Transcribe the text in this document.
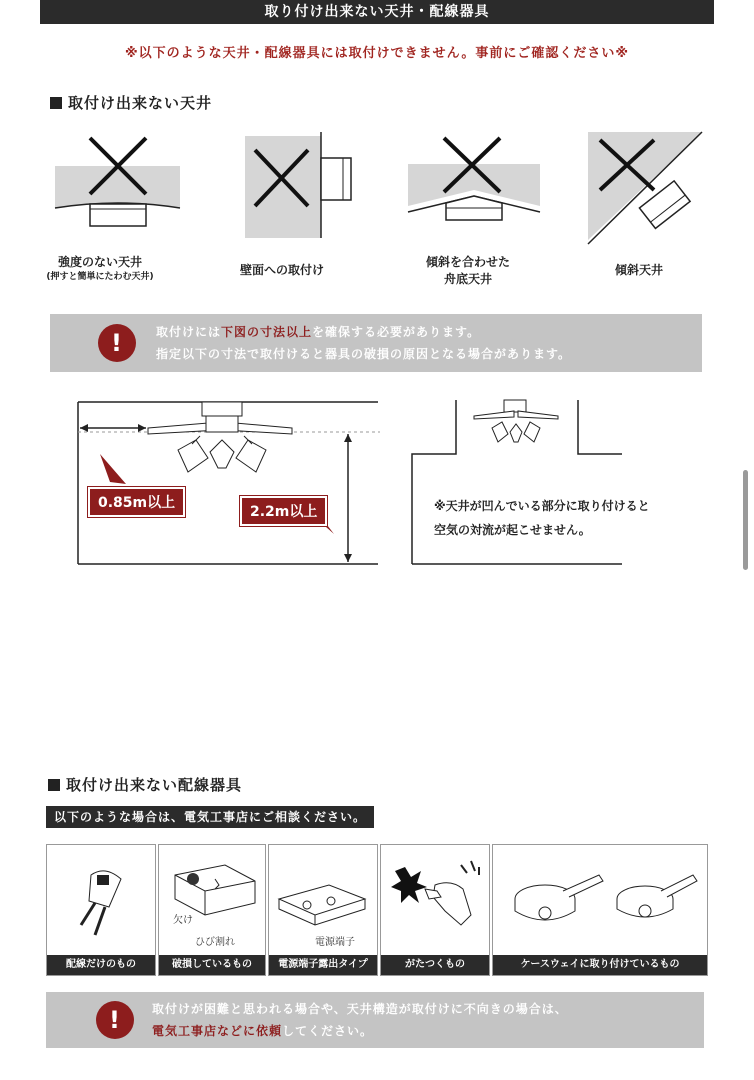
取り付け出来ない天井・配線器具
※以下のような天井・配線器具には取付けできません。事前にご確認ください※
取付け出来ない天井
強度のない天井
(押すと簡単にたわむ天井)	壁面への取付け
傾斜を合わせた
舟底天井
傾斜天井
!	取付けには下図の寸法以上を確保する必要があります。
指定以下の寸法で取付けると器具の破損の原因となる場合があります。
0.85m以上
2.2m以上	※天井が凹んでいる部分に取り付けると
空気の対流が起こせません。
取付け出来ない配線器具
以下のような場合は、電気工事店にご相談ください。
配線だけのもの
欠け
ひび割れ
破損しているもの
電源端子
電源端子露出タイプ	がたつくもの	ケースウェイに取り付けているもの
!	取付けが困難と思われる場合や、天井構造が取付けに不向きの場合は、
電気工事店などに依頼してください。
